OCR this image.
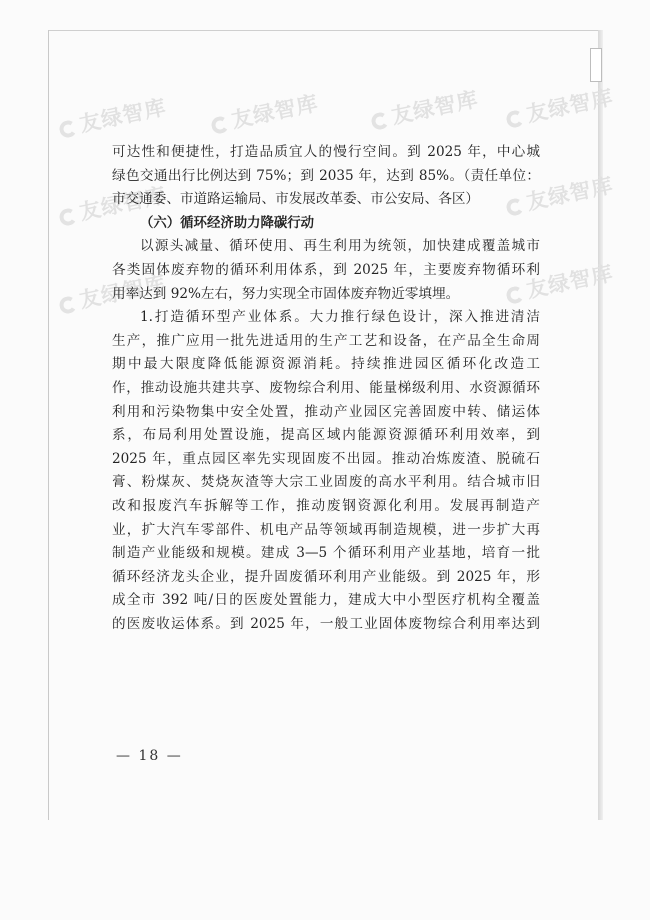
友绿智库	友绿智库	友绿智库	友绿智库
友绿智库	友绿智库
友绿智库	友绿智库
可达性和便捷性，打造品质宜人的慢行空间。到 2025 年，中心城
绿色交通出行比例达到 75%；到 2035 年，达到 85%。（责任单位：
市交通委、市道路运输局、市发展改革委、市公安局、各区）
（六）循环经济助力降碳行动
以源头减量、循环使用、再生利用为统领，加快建成覆盖城市
各类固体废弃物的循环利用体系，到 2025 年，主要废弃物循环利
用率达到 92%左右，努力实现全市固体废弃物近零填埋。
1.打造循环型产业体系。大力推行绿色设计，深入推进清洁
生产，推广应用一批先进适用的生产工艺和设备，在产品全生命周
期中最大限度降低能源资源消耗。持续推进园区循环化改造工
作，推动设施共建共享、废物综合利用、能量梯级利用、水资源循环
利用和污染物集中安全处置，推动产业园区完善固废中转、储运体
系，布局利用处置设施，提高区域内能源资源循环利用效率，到
2025 年，重点园区率先实现固废不出园。推动冶炼废渣、脱硫石
膏、粉煤灰、焚烧灰渣等大宗工业固废的高水平利用。结合城市旧
改和报废汽车拆解等工作，推动废钢资源化利用。发展再制造产
业，扩大汽车零部件、机电产品等领域再制造规模，进一步扩大再
制造产业能级和规模。建成 3—5 个循环利用产业基地，培育一批
循环经济龙头企业，提升固废循环利用产业能级。到 2025 年，形
成全市 392 吨/日的医废处置能力，建成大中小型医疗机构全覆盖
的医废收运体系。到 2025 年，一般工业固体废物综合利用率达到
— 18 —
